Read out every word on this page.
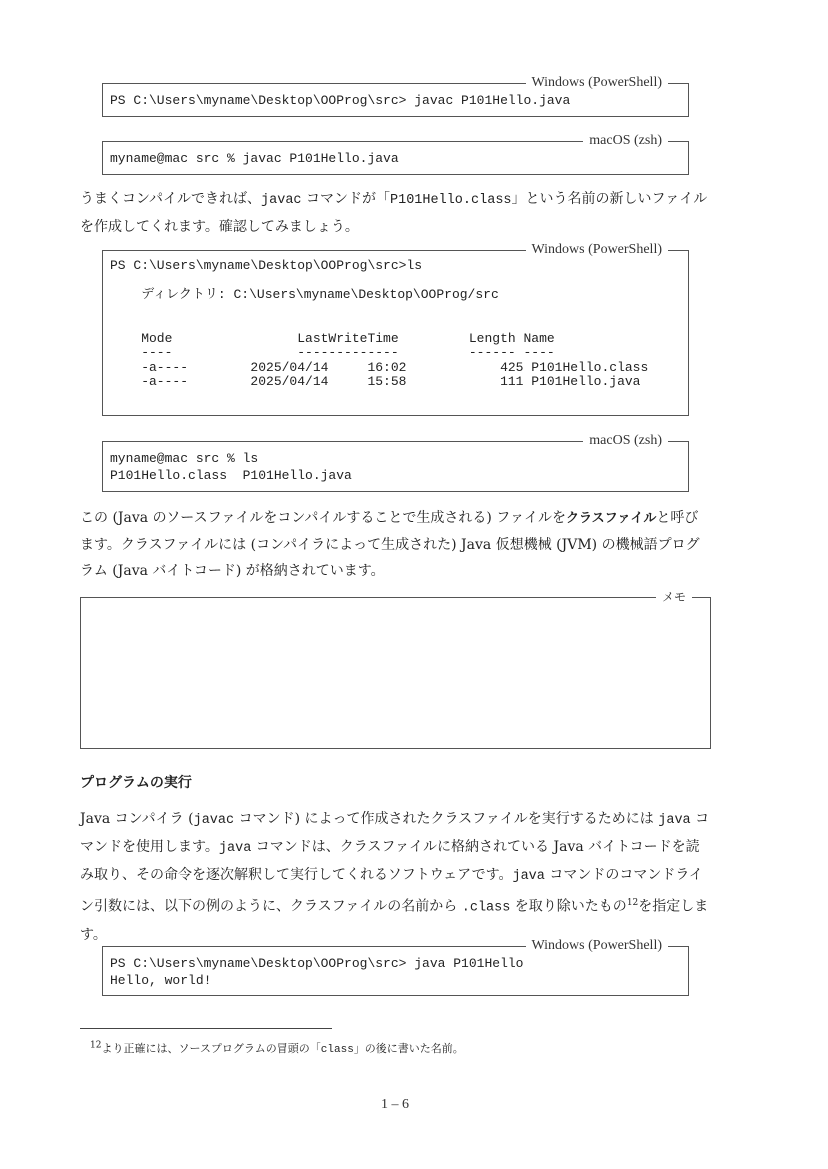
Windows (PowerShell)
PS C:\Users\myname\Desktop\OOProg\src> javac P101Hello.java
macOS (zsh)
myname@mac src % javac P101Hello.java
うまくコンパイルできれば、javac コマンドが「P101Hello.class」という名前の新しいファイルを作成してくれます。確認してみましょう。
Windows (PowerShell)
PS C:\Users\myname\Desktop\OOProg\src>ls

ディレクトリ: C:\Users\myname\Desktop\OOProg/src

Mode                LastWriteTime         Length Name
----                -------------         ------ ----
-a----        2025/04/14     16:02            425 P101Hello.class
-a----        2025/04/14     15:58            111 P101Hello.java
macOS (zsh)
myname@mac src % ls
P101Hello.class  P101Hello.java
この (Java のソースファイルをコンパイルすることで生成される) ファイルをクラスファイルと呼びます。クラスファイルには (コンパイラによって生成された) Java 仮想機械 (JVM) の機械語プログラム (Java バイトコード) が格納されています。
メモ
プログラムの実行
Java コンパイラ (javac コマンド) によって作成されたクラスファイルを実行するためには java コマンドを使用します。java コマンドは、クラスファイルに格納されている Java バイトコードを読み取り、その命令を逐次解釈して実行してくれるソフトウェアです。java コマンドのコマンドライン引数には、以下の例のように、クラスファイルの名前から .class を取り除いたもの$^{12}$を指定します。
Windows (PowerShell)
PS C:\Users\myname\Desktop\OOProg\src> java P101Hello
Hello, world!
$^{12}$より正確には、ソースプログラムの冒頭の「class」の後に書いた名前。
1 – 6
